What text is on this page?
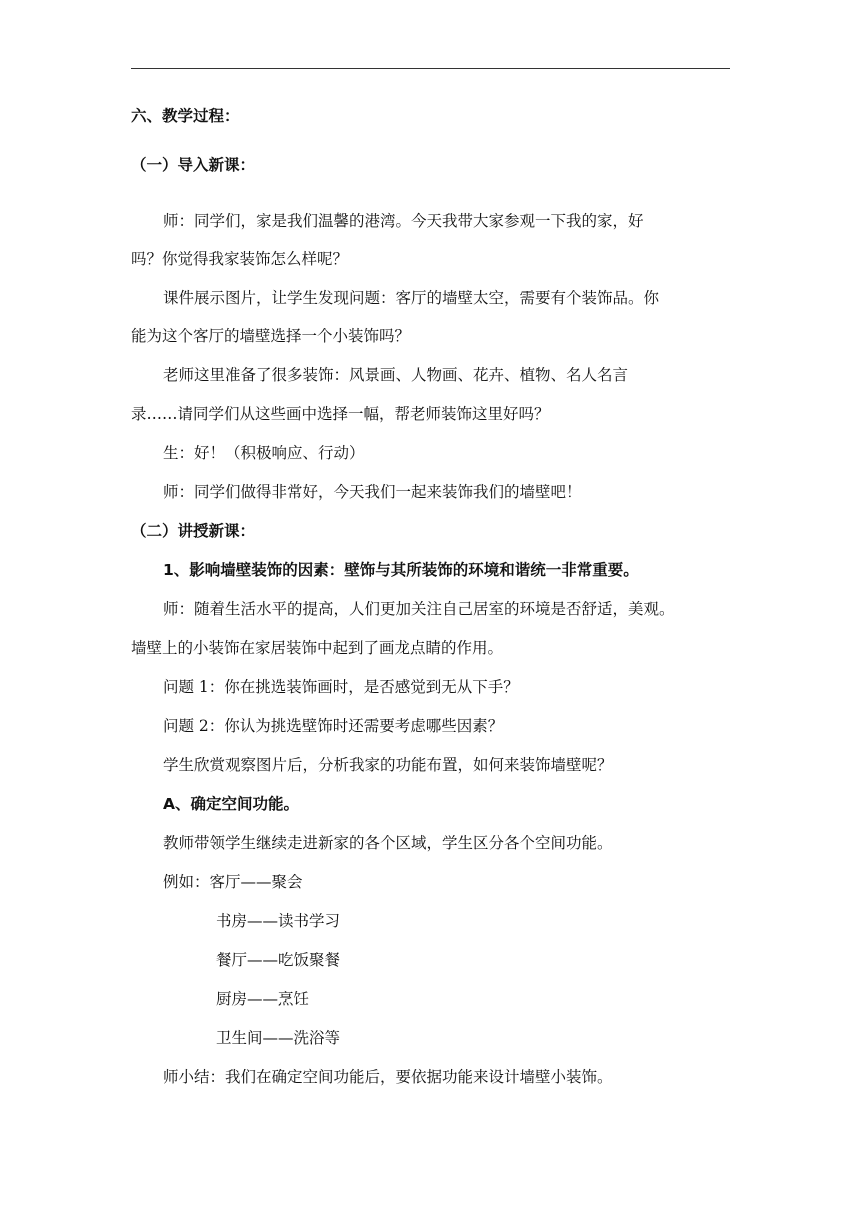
六、教学过程：
（一）导入新课：
师：同学们，家是我们温馨的港湾。今天我带大家参观一下我的家，好
吗？你觉得我家装饰怎么样呢？
课件展示图片，让学生发现问题：客厅的墙壁太空，需要有个装饰品。你
能为这个客厅的墙壁选择一个小装饰吗？
老师这里准备了很多装饰：风景画、人物画、花卉、植物、名人名言
录……请同学们从这些画中选择一幅，帮老师装饰这里好吗？
生：好！（积极响应、行动）
师：同学们做得非常好，今天我们一起来装饰我们的墙壁吧！
（二）讲授新课：
1、影响墙壁装饰的因素：壁饰与其所装饰的环境和谐统一非常重要。
师：随着生活水平的提高，人们更加关注自己居室的环境是否舒适，美观。
墙壁上的小装饰在家居装饰中起到了画龙点睛的作用。
问题 1：你在挑选装饰画时，是否感觉到无从下手？
问题 2：你认为挑选壁饰时还需要考虑哪些因素？
学生欣赏观察图片后，分析我家的功能布置，如何来装饰墙壁呢？
A、确定空间功能。
教师带领学生继续走进新家的各个区域，学生区分各个空间功能。
例如：客厅——聚会
书房——读书学习
餐厅——吃饭聚餐
厨房——烹饪
卫生间——洗浴等
师小结：我们在确定空间功能后，要依据功能来设计墙壁小装饰。
